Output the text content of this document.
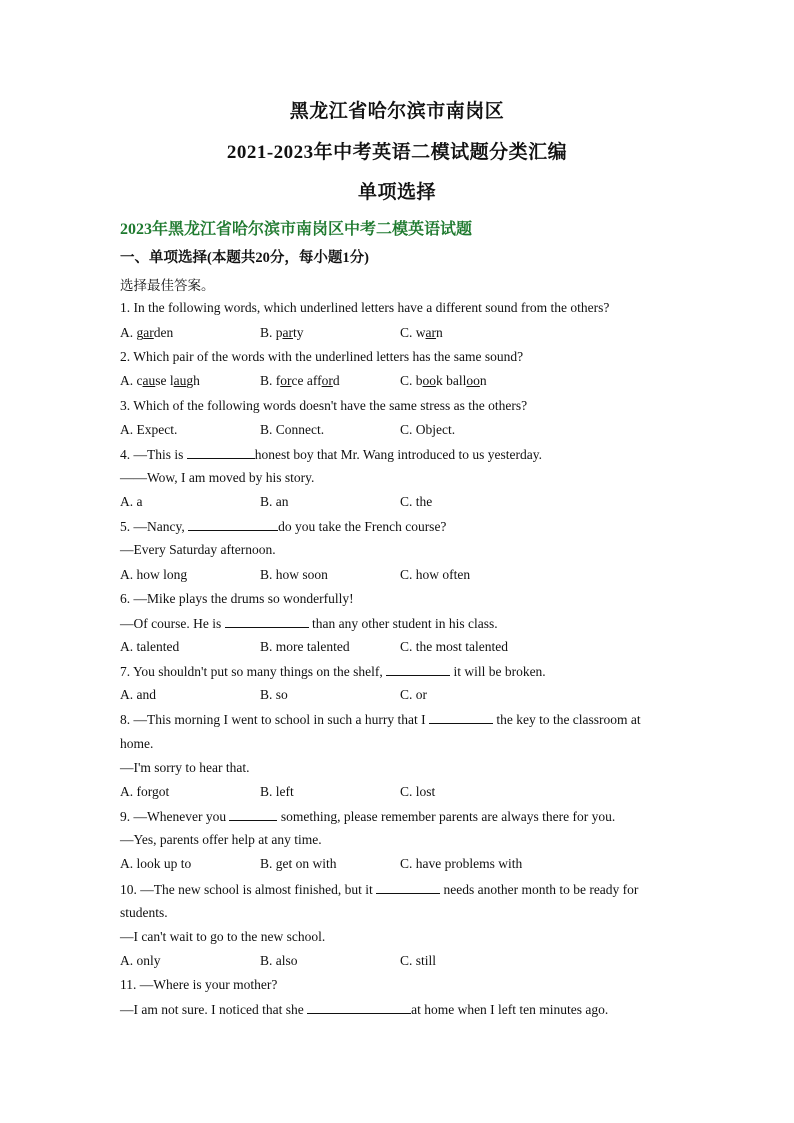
黑龙江省哈尔滨市南岗区
2021-2023年中考英语二模试题分类汇编
单项选择
2023年黑龙江省哈尔滨市南岗区中考二模英语试题
一、单项选择(本题共20分，每小题1分)
选择最佳答案。
1. In the following words, which underlined letters have a different sound from the others?
A. garden	B. party	C. warn
2. Which pair of the words with the underlined letters has the same sound?
A. cause laugh	B. force afford	C. book balloon
3. Which of the following words doesn't have the same stress as the others?
A. Expect.	B. Connect.	C. Object.
4. —This is	honest boy that Mr. Wang introduced to us yesterday.
——Wow, I am moved by his story.
A. a	B. an	C. the
5. —Nancy,	do you take the French course?
—Every Saturday afternoon.
A. how long	B. how soon	C. how often
6. —Mike plays the drums so wonderfully!
—Of course. He is	than any other student in his class.
A. talented	B. more talented	C. the most talented
7. You shouldn't put so many things on the shelf,	it will be broken.
A. and	B. so	C. or
8. —This morning I went to school in such a hurry that I	the key to the classroom at
home.
—I'm sorry to hear that.
A. forgot	B. left	C. lost
9. —Whenever you	something, please remember parents are always there for you.
—Yes, parents offer help at any time.
A. look up to	B. get on with	C. have problems with
10. —The new school is almost finished, but it	needs another month to be ready for
students.
—I can't wait to go to the new school.
A. only	B. also	C. still
11. —Where is your mother?
—I am not sure. I noticed that she	at home when I left ten minutes ago.
